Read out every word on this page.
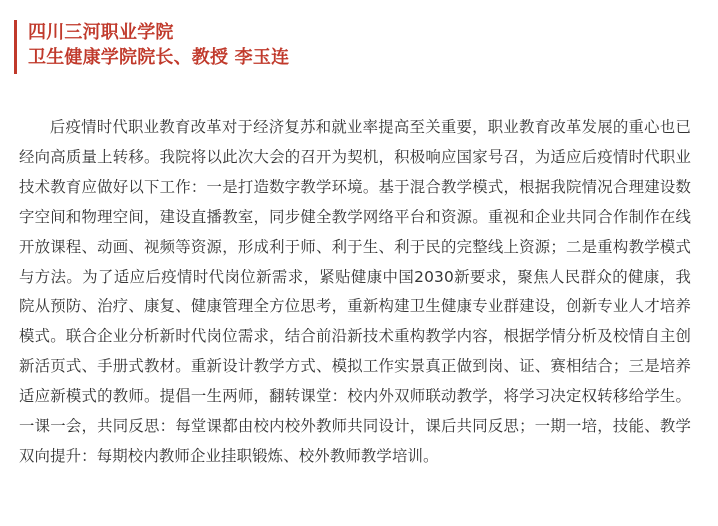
四川三河职业学院
卫生健康学院院长、教授 李玉连

后疫情时代职业教育改革对于经济复苏和就业率提高至关重要，职业教育改革发展的重心也已经向高质量上转移。我院将以此次大会的召开为契机，积极响应国家号召，为适应后疫情时代职业技术教育应做好以下工作：一是打造数字教学环境。基于混合教学模式，根据我院情况合理建设数字空间和物理空间，建设直播教室，同步健全教学网络平台和资源。重视和企业共同合作制作在线开放课程、动画、视频等资源，形成利于师、利于生、利于民的完整线上资源；二是重构教学模式与方法。为了适应后疫情时代岗位新需求，紧贴健康中国2030新要求，聚焦人民群众的健康，我院从预防、治疗、康复、健康管理全方位思考，重新构建卫生健康专业群建设，创新专业人才培养模式。联合企业分析新时代岗位需求，结合前沿新技术重构教学内容，根据学情分析及校情自主创新活页式、手册式教材。重新设计教学方式、模拟工作实景真正做到岗、证、赛相结合；三是培养适应新模式的教师。提倡一生两师，翻转课堂：校内外双师联动教学，将学习决定权转移给学生。一课一会，共同反思：每堂课都由校内校外教师共同设计，课后共同反思；一期一培，技能、教学双向提升：每期校内教师企业挂职锻炼、校外教师教学培训。
